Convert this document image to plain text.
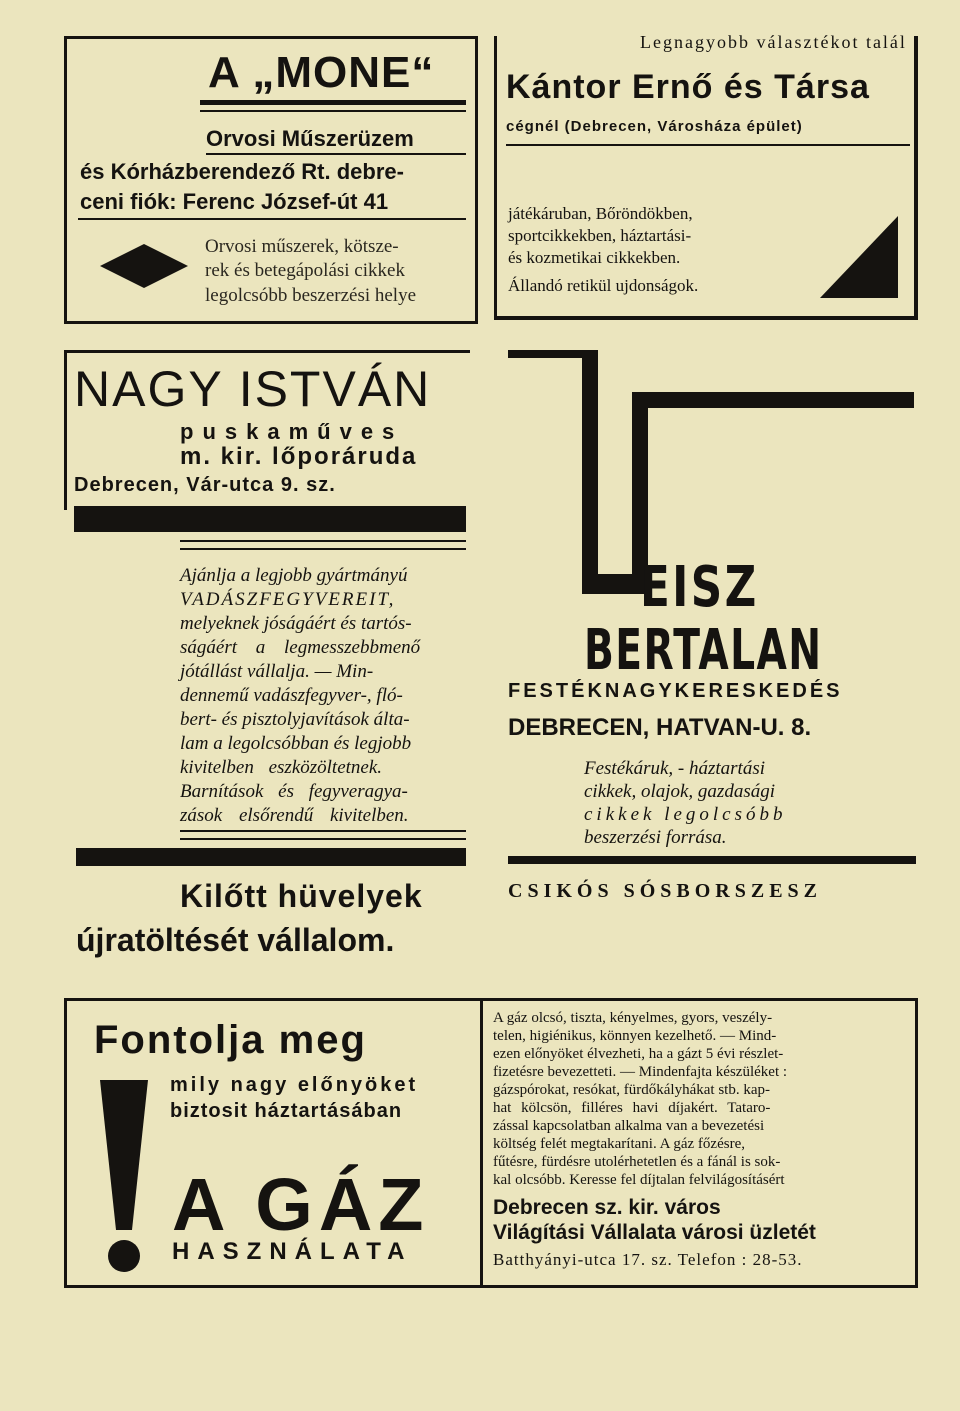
A „MONE“
Orvosi Műszerüzem
és Kórházberendező Rt. debre-
ceni fiók: Ferenc József-út 41
Orvosi műszerek, kötsze-
rek és betegápolási cikkek
legolcsóbb beszerzési helye
Legnagyobb választékot talál
Kántor Ernő és Társa
cégnél (Debrecen, Városháza épület)
játékáruban, Bőröndökben,
sportcikkekben, háztartási-
és kozmetikai cikkekben.
Állandó retikül ujdonságok.
NAGY ISTVÁN
puskaműves
m. kir. lőporáruda
Debrecen, Vár-utca 9. sz.
Ajánlja a legjobb gyártmányú
VADÁSZFEGYVEREIT,
melyeknek jóságáért és tartós-
ságáért a legmesszebbmenő
jótállást vállalja. — Min-
dennemű vadászfegyver-, fló-
bert- és pisztolyjavítások álta-
lam a legolcsóbban és legjobb
kivitelben eszközöltetnek.
Barnítások és fegyveragya-
zások elsőrendű kivitelben.
Kilőtt hüvelyek
újratöltését vállalom.
EISZ
BERTALAN
FESTÉKNAGYKERESKEDÉS
DEBRECEN, HATVAN-U. 8.
Festékáruk, - háztartási
cikkek, olajok, gazdasági
cikkek legolcsóbb
beszerzési forrása.
CSIKÓS SÓSBORSZESZ
Fontolja meg
mily nagy előnyöket
biztosit háztartásában
A GÁZ
HASZNÁLATA
A gáz olcsó, tiszta, kényelmes, gyors, veszély-
telen, higiénikus, könnyen kezelhető. — Mind-
ezen előnyöket élvezheti, ha a gázt 5 évi részlet-
fizetésre bevezetteti. — Mindenfajta készüléket :
gázspórokat, resókat, fürdőkályhákat stb. kap-
hat kölcsön, filléres havi díjakért. Tataro-
zással kapcsolatban alkalma van a bevezetési
költség felét megtakarítani. A gáz főzésre,
fűtésre, fürdésre utolérhetetlen és a fánál is sok-
kal olcsóbb. Keresse fel díjtalan felvilágosításért
Debrecen sz. kir. város
Világítási Vállalata városi üzletét
Batthyányi-utca 17. sz. Telefon : 28-53.
